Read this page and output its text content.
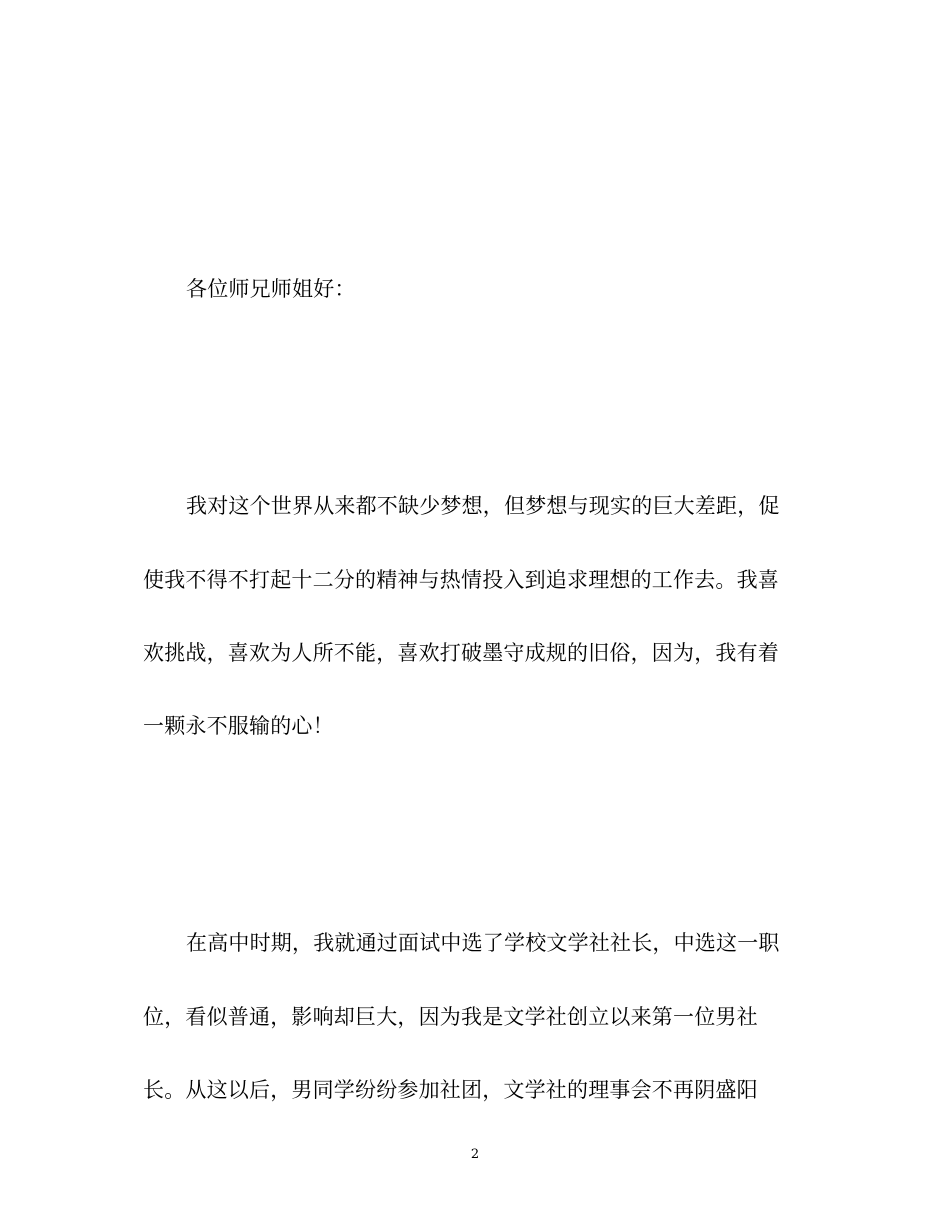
各位师兄师姐好：
我对这个世界从来都不缺少梦想，但梦想与现实的巨大差距，促
使我不得不打起十二分的精神与热情投入到追求理想的工作去。我喜
欢挑战，喜欢为人所不能，喜欢打破墨守成规的旧俗，因为，我有着
一颗永不服输的心！
在高中时期，我就通过面试中选了学校文学社社长，中选这一职
位，看似普通，影响却巨大，因为我是文学社创立以来第一位男社
长。从这以后，男同学纷纷参加社团，文学社的理事会不再阴盛阳
2
